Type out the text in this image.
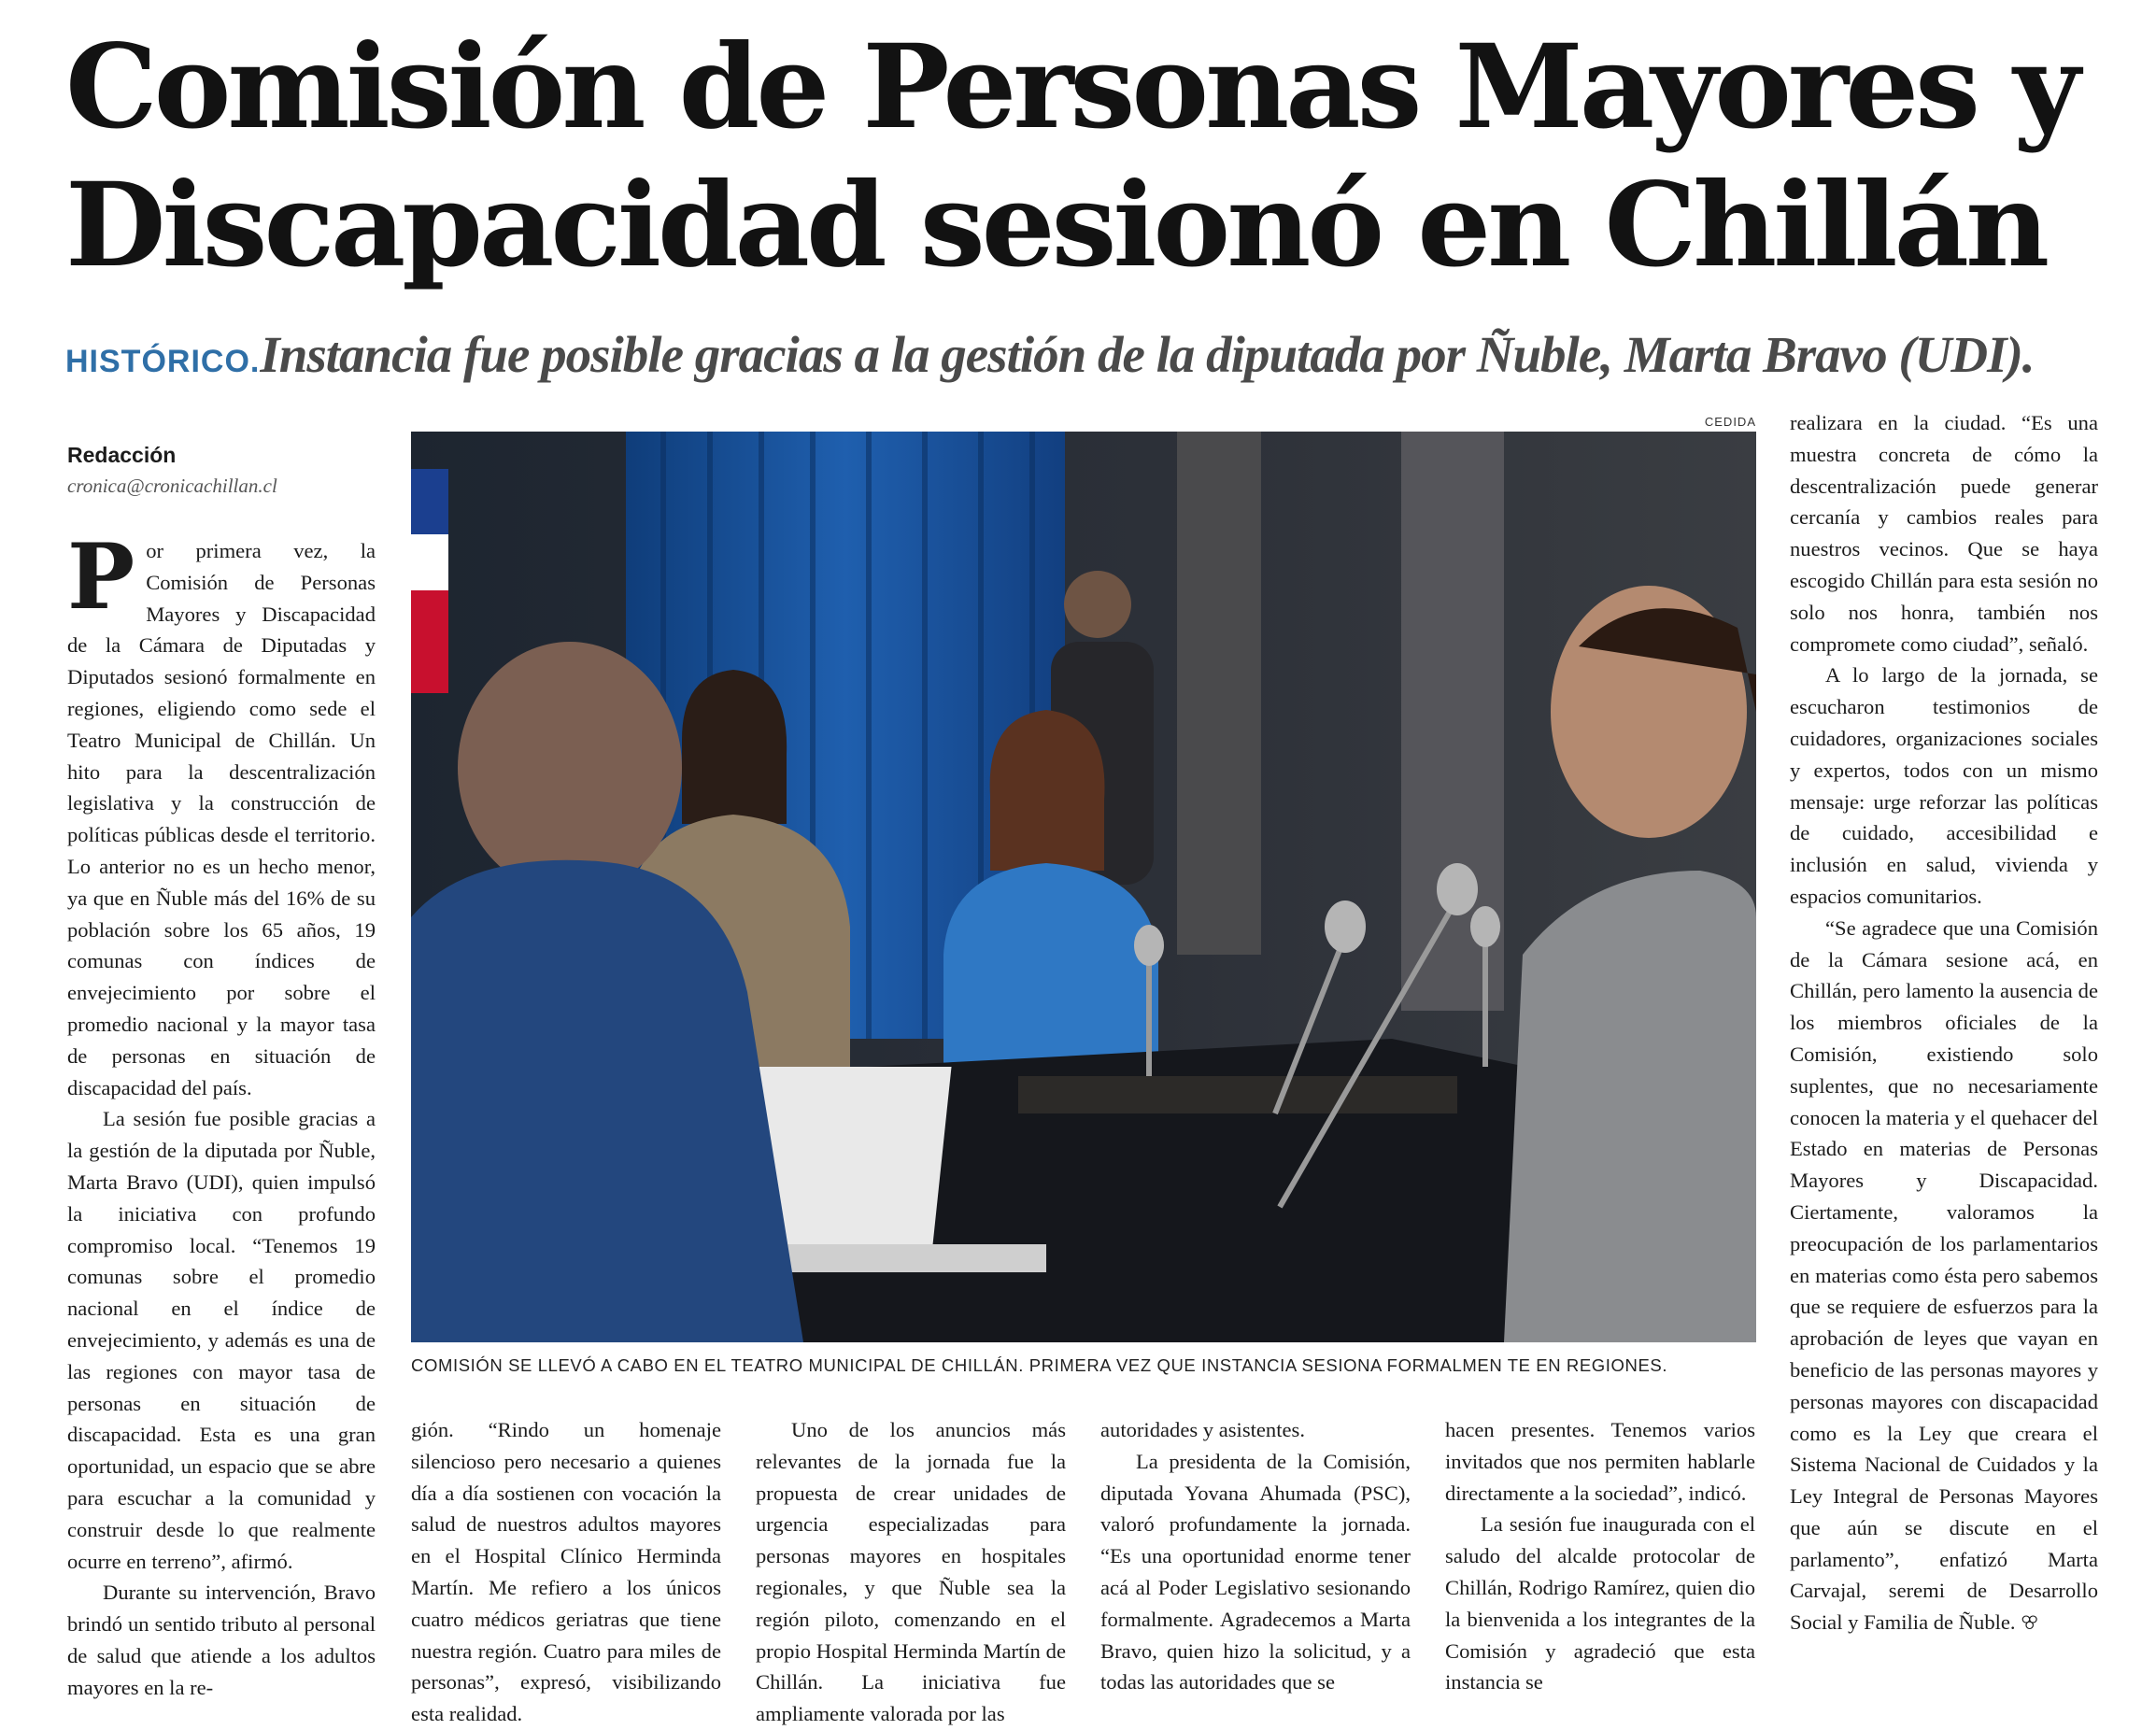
Comisión de Personas Mayores y Discapacidad sesionó en Chillán
HISTÓRICO.Instancia fue posible gracias a la gestión de la diputada por Ñuble, Marta Bravo (UDI).
Redacción
cronica@cronicachillan.cl

Por primera vez, la Comisión de Personas Mayores y Discapacidad de la Cámara de Diputadas y Diputados sesionó formalmente en regiones, eligiendo como sede el Teatro Municipal de Chillán. Un hito para la descentralización legislativa y la construcción de políticas públicas desde el territorio. Lo anterior no es un hecho menor, ya que en Ñuble más del 16% de su población sobre los 65 años, 19 comunas con índices de envejecimiento por sobre el promedio nacional y la mayor tasa de personas en situación de discapacidad del país.

La sesión fue posible gracias a la gestión de la diputada por Ñuble, Marta Bravo (UDI), quien impulsó la iniciativa con profundo compromiso local. “Tenemos 19 comunas sobre el promedio nacional en el índice de envejecimiento, y además es una de las regiones con mayor tasa de personas en situación de discapacidad. Esta es una gran oportunidad, un espacio que se abre para escuchar a la comunidad y construir desde lo que realmente ocurre en terreno”, afirmó.

Durante su intervención, Bravo brindó un sentido tributo al personal de salud que atiende a los adultos mayores en la re-

CEDIDA
COMISIÓN SE LLEVÓ A CABO EN EL TEATRO MUNICIPAL DE CHILLÁN. PRIMERA VEZ QUE INSTANCIA SESIONA FORMALMEN TE EN REGIONES.

gión. “Rindo un homenaje silencioso pero necesario a quienes día a día sostienen con vocación la salud de nuestros adultos mayores en el Hospital Clínico Herminda Martín. Me refiero a los únicos cuatro médicos geriatras que tiene nuestra región. Cuatro para miles de personas”, expresó, visibilizando esta realidad.

Uno de los anuncios más relevantes de la jornada fue la propuesta de crear unidades de urgencia especializadas para personas mayores en hospitales regionales, y que Ñuble sea la región piloto, comenzando en el propio Hospital Herminda Martín de Chillán. La iniciativa fue ampliamente valorada por las

autoridades y asistentes.

La presidenta de la Comisión, diputada Yovana Ahumada (PSC), valoró profundamente la jornada. “Es una oportunidad enorme tener acá al Poder Legislativo sesionando formalmente. Agradecemos a Marta Bravo, quien hizo la solicitud, y a todas las autoridades que se

hacen presentes. Tenemos varios invitados que nos permiten hablarle directamente a la sociedad”, indicó.

La sesión fue inaugurada con el saludo del alcalde protocolar de Chillán, Rodrigo Ramírez, quien dio la bienvenida a los integrantes de la Comisión y agradeció que esta instancia se

realizara en la ciudad. “Es una muestra concreta de cómo la descentralización puede generar cercanía y cambios reales para nuestros vecinos. Que se haya escogido Chillán para esta sesión no solo nos honra, también nos compromete como ciudad”, señaló.

A lo largo de la jornada, se escucharon testimonios de cuidadores, organizaciones sociales y expertos, todos con un mismo mensaje: urge reforzar las políticas de cuidado, accesibilidad e inclusión en salud, vivienda y espacios comunitarios.

“Se agradece que una Comisión de la Cámara sesione acá, en Chillán, pero lamento la ausencia de los miembros oficiales de la Comisión, existiendo solo suplentes, que no necesariamente conocen la materia y el quehacer del Estado en materias de Personas Mayores y Discapacidad. Ciertamente, valoramos la preocupación de los parlamentarios en materias como ésta pero sabemos que se requiere de esfuerzos para la aprobación de leyes que vayan en beneficio de las personas mayores y personas mayores con discapacidad como es la Ley que creara el Sistema Nacional de Cuidados y la Ley Integral de Personas Mayores que aún se discute en el parlamento”, enfatizó Marta Carvajal, seremi de Desarrollo Social y Familia de Ñuble. ꕢ
